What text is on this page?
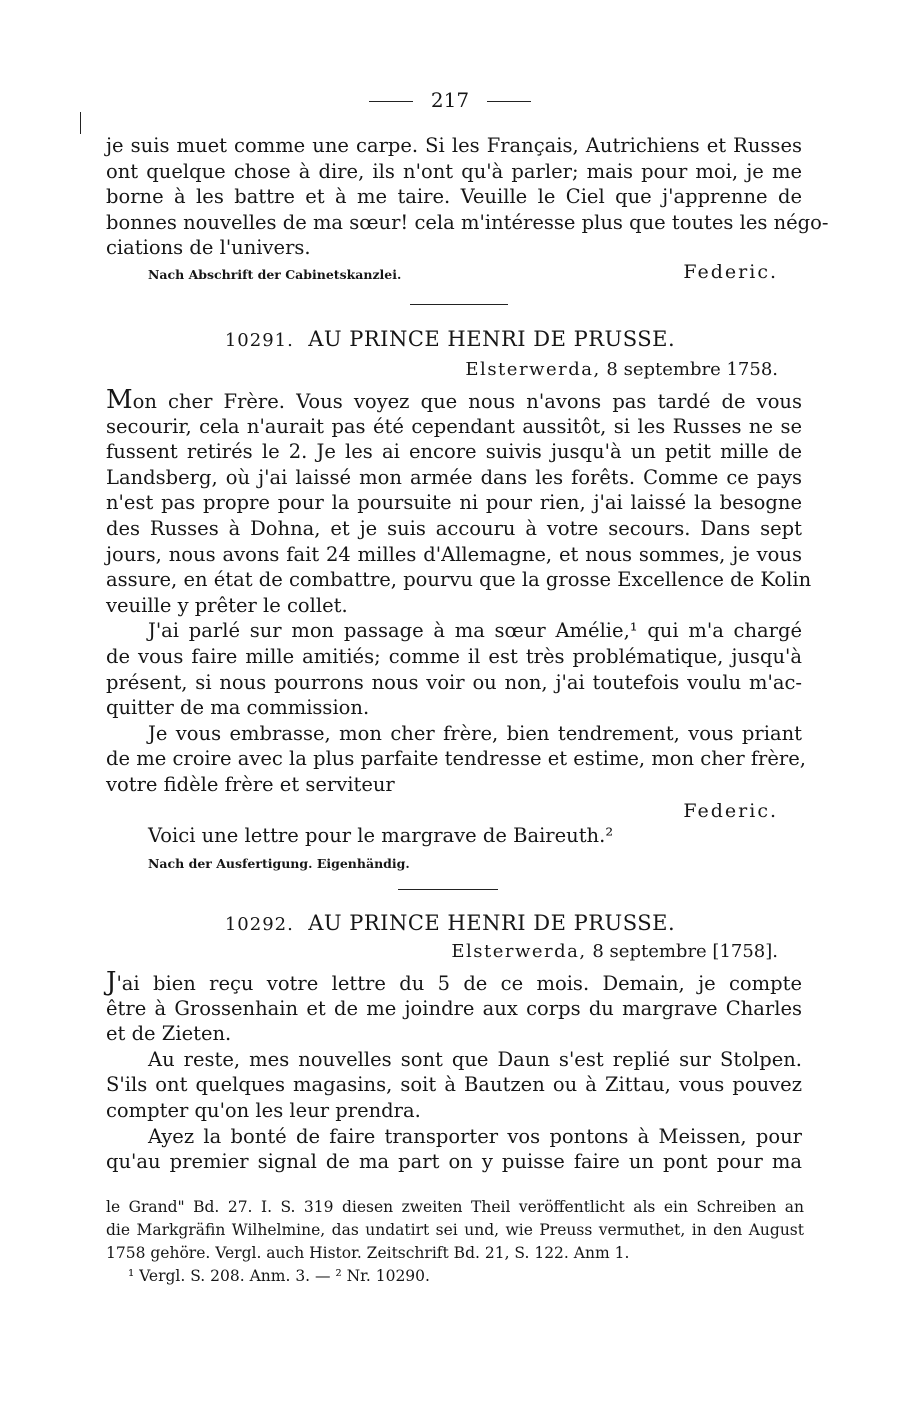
217
je suis muet comme une carpe. Si les Français, Autrichiens et Russes
ont quelque chose à dire, ils n'ont qu'à parler; mais pour moi, je me
borne à les battre et à me taire. Veuille le Ciel que j'apprenne de
bonnes nouvelles de ma sœur! cela m'intéresse plus que toutes les négo-
ciations de l'univers.
Nach Abschrift der Cabinetskanzlei.	Federic.
10291. AU PRINCE HENRI DE PRUSSE.
Elsterwerda, 8 septembre 1758.
Mon cher Frère. Vous voyez que nous n'avons pas tardé de vous
secourir, cela n'aurait pas été cependant aussitôt, si les Russes ne se
fussent retirés le 2. Je les ai encore suivis jusqu'à un petit mille de
Landsberg, où j'ai laissé mon armée dans les forêts. Comme ce pays
n'est pas propre pour la poursuite ni pour rien, j'ai laissé la besogne
des Russes à Dohna, et je suis accouru à votre secours. Dans sept
jours, nous avons fait 24 milles d'Allemagne, et nous sommes, je vous
assure, en état de combattre, pourvu que la grosse Excellence de Kolin
veuille y prêter le collet.
J'ai parlé sur mon passage à ma sœur Amélie,¹ qui m'a chargé
de vous faire mille amitiés; comme il est très problématique, jusqu'à
présent, si nous pourrons nous voir ou non, j'ai toutefois voulu m'ac-
quitter de ma commission.
Je vous embrasse, mon cher frère, bien tendrement, vous priant
de me croire avec la plus parfaite tendresse et estime, mon cher frère,
votre fidèle frère et serviteur
Federic.
Voici une lettre pour le margrave de Baireuth.²
Nach der Ausfertigung. Eigenhändig.
10292. AU PRINCE HENRI DE PRUSSE.
Elsterwerda, 8 septembre [1758].
J'ai bien reçu votre lettre du 5 de ce mois. Demain, je compte
être à Grossenhain et de me joindre aux corps du margrave Charles
et de Zieten.
Au reste, mes nouvelles sont que Daun s'est replié sur Stolpen.
S'ils ont quelques magasins, soit à Bautzen ou à Zittau, vous pouvez
compter qu'on les leur prendra.
Ayez la bonté de faire transporter vos pontons à Meissen, pour
qu'au premier signal de ma part on y puisse faire un pont pour ma
le Grand" Bd. 27. I. S. 319 diesen zweiten Theil veröffentlicht als ein Schreiben an
die Markgräfin Wilhelmine, das undatirt sei und, wie Preuss vermuthet, in den August
1758 gehöre. Vergl. auch Histor. Zeitschrift Bd. 21, S. 122. Anm 1.
¹ Vergl. S. 208. Anm. 3. — ² Nr. 10290.
